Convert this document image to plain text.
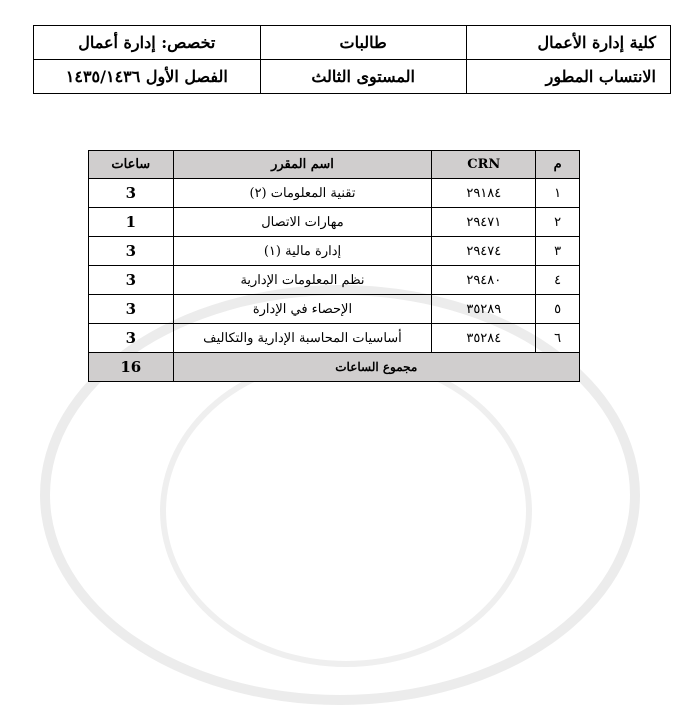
كلية إدارة الأعمال	طالبات	تخصص: إدارة أعمال
الانتساب المطور	المستوى الثالث	الفصل الأول ١٤٣٥/١٤٣٦
م	CRN	اسم المقرر	ساعات
١	٢٩١٨٤	تقنية المعلومات (٢)	3
٢	٢٩٤٧١	مهارات الاتصال	1
٣	٢٩٤٧٤	إدارة مالية (١)	3
٤	٢٩٤٨٠	نظم المعلومات الإدارية	3
٥	٣٥٢٨٩	الإحصاء في الإدارة	3
٦	٣٥٢٨٤	أساسيات المحاسبة الإدارية والتكاليف	3
مجموع الساعات			16
